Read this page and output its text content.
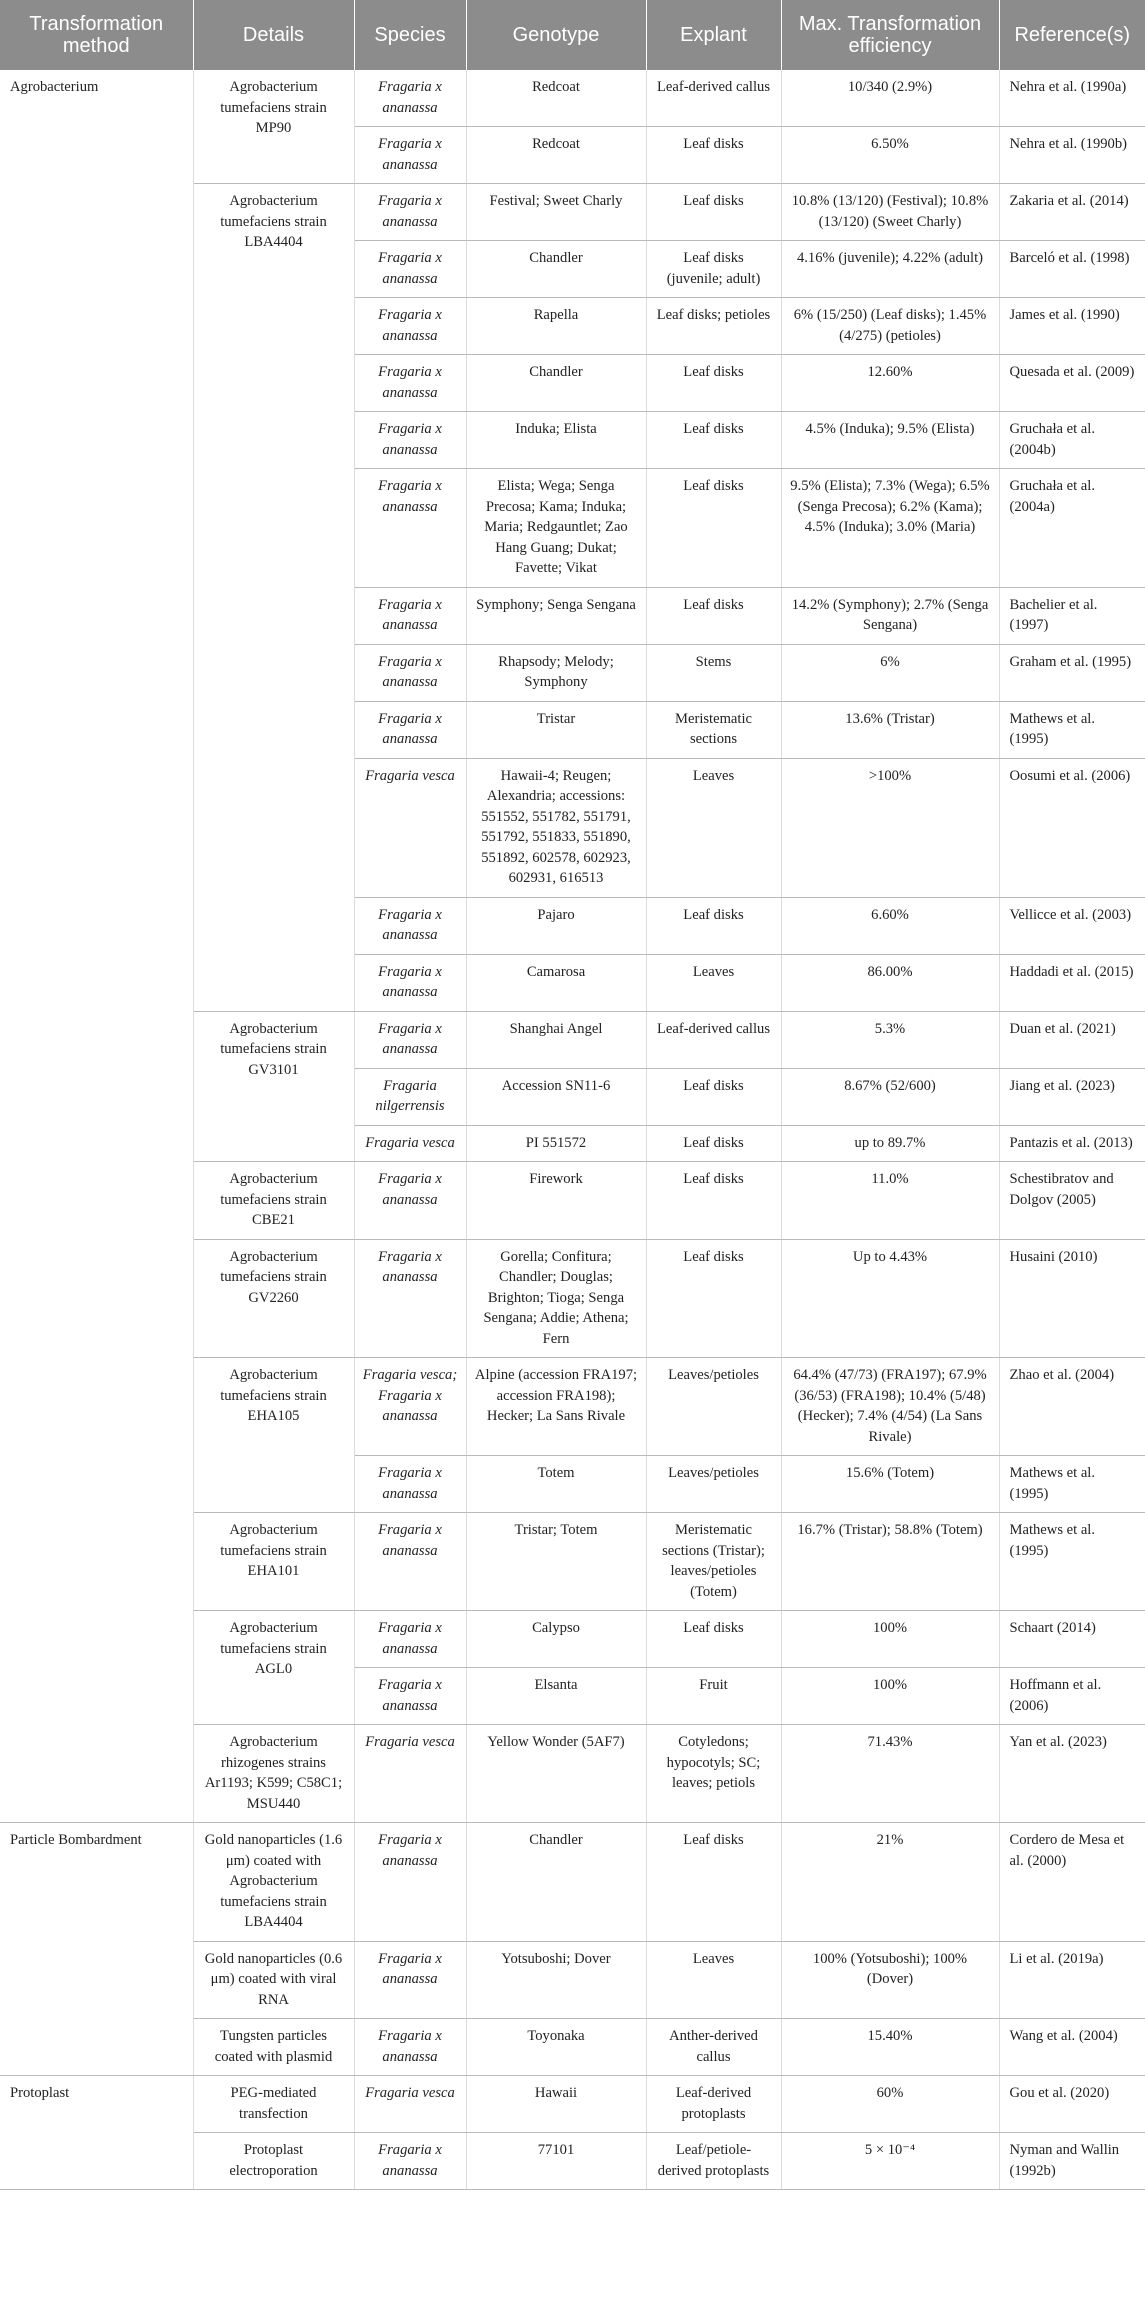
Transformation method	Details	Species	Genotype	Explant	Max. Transformation efficiency	Reference(s)
Agrobacterium	Agrobacterium tumefaciens strain MP90	Fragaria x ananassa	Redcoat	Leaf-derived callus	10/340 (2.9%)	Nehra et al. (1990a)
		Fragaria x ananassa	Redcoat	Leaf disks	6.50%	Nehra et al. (1990b)
	Agrobacterium tumefaciens strain LBA4404	Fragaria x ananassa	Festival; Sweet Charly	Leaf disks	10.8% (13/120) (Festival); 10.8% (13/120) (Sweet Charly)	Zakaria et al. (2014)
		Fragaria x ananassa	Chandler	Leaf disks (juvenile; adult)	4.16% (juvenile); 4.22% (adult)	Barceló et al. (1998)
		Fragaria x ananassa	Rapella	Leaf disks; petioles	6% (15/250) (Leaf disks); 1.45% (4/275) (petioles)	James et al. (1990)
		Fragaria x ananassa	Chandler	Leaf disks	12.60%	Quesada et al. (2009)
		Fragaria x ananassa	Induka; Elista	Leaf disks	4.5% (Induka); 9.5% (Elista)	Gruchała et al. (2004b)
		Fragaria x ananassa	Elista; Wega; Senga Precosa; Kama; Induka; Maria; Redgauntlet; Zao Hang Guang; Dukat; Favette; Vikat	Leaf disks	9.5% (Elista); 7.3% (Wega); 6.5% (Senga Precosa); 6.2% (Kama); 4.5% (Induka); 3.0% (Maria)	Gruchała et al. (2004a)
		Fragaria x ananassa	Symphony; Senga Sengana	Leaf disks	14.2% (Symphony); 2.7% (Senga Sengana)	Bachelier et al. (1997)
		Fragaria x ananassa	Rhapsody; Melody; Symphony	Stems	6%	Graham et al. (1995)
		Fragaria x ananassa	Tristar	Meristematic sections	13.6% (Tristar)	Mathews et al. (1995)
		Fragaria vesca	Hawaii-4; Reugen; Alexandria; accessions: 551552, 551782, 551791, 551792, 551833, 551890, 551892, 602578, 602923, 602931, 616513	Leaves	>100%	Oosumi et al. (2006)
		Fragaria x ananassa	Pajaro	Leaf disks	6.60%	Vellicce et al. (2003)
		Fragaria x ananassa	Camarosa	Leaves	86.00%	Haddadi et al. (2015)
	Agrobacterium tumefaciens strain GV3101	Fragaria x ananassa	Shanghai Angel	Leaf-derived callus	5.3%	Duan et al. (2021)
		Fragaria nilgerrensis	Accession SN11-6	Leaf disks	8.67% (52/600)	Jiang et al. (2023)
		Fragaria vesca	PI 551572	Leaf disks	up to 89.7%	Pantazis et al. (2013)
	Agrobacterium tumefaciens strain CBE21	Fragaria x ananassa	Firework	Leaf disks	11.0%	Schestibratov and Dolgov (2005)
	Agrobacterium tumefaciens strain GV2260	Fragaria x ananassa	Gorella; Confitura; Chandler; Douglas; Brighton; Tioga; Senga Sengana; Addie; Athena; Fern	Leaf disks	Up to 4.43%	Husaini (2010)
	Agrobacterium tumefaciens strain EHA105	Fragaria vesca; Fragaria x ananassa	Alpine (accession FRA197; accession FRA198); Hecker; La Sans Rivale	Leaves/petioles	64.4% (47/73) (FRA197); 67.9% (36/53) (FRA198); 10.4% (5/48) (Hecker); 7.4% (4/54) (La Sans Rivale)	Zhao et al. (2004)
		Fragaria x ananassa	Totem	Leaves/petioles	15.6% (Totem)	Mathews et al. (1995)
	Agrobacterium tumefaciens strain EHA101	Fragaria x ananassa	Tristar; Totem	Meristematic sections (Tristar); leaves/petioles (Totem)	16.7% (Tristar); 58.8% (Totem)	Mathews et al. (1995)
	Agrobacterium tumefaciens strain AGL0	Fragaria x ananassa	Calypso	Leaf disks	100%	Schaart (2014)
		Fragaria x ananassa	Elsanta	Fruit	100%	Hoffmann et al. (2006)
	Agrobacterium rhizogenes strains Ar1193; K599; C58C1; MSU440	Fragaria vesca	Yellow Wonder (5AF7)	Cotyledons; hypocotyls; SC; leaves; petiols	71.43%	Yan et al. (2023)
Particle Bombardment	Gold nanoparticles (1.6 μm) coated with Agrobacterium tumefaciens strain LBA4404	Fragaria x ananassa	Chandler	Leaf disks	21%	Cordero de Mesa et al. (2000)
	Gold nanoparticles (0.6 μm) coated with viral RNA	Fragaria x ananassa	Yotsuboshi; Dover	Leaves	100% (Yotsuboshi); 100% (Dover)	Li et al. (2019a)
	Tungsten particles coated with plasmid	Fragaria x ananassa	Toyonaka	Anther-derived callus	15.40%	Wang et al. (2004)
Protoplast	PEG-mediated transfection	Fragaria vesca	Hawaii	Leaf-derived protoplasts	60%	Gou et al. (2020)
	Protoplast electroporation	Fragaria x ananassa	77101	Leaf/petiole-derived protoplasts	5 × 10⁻⁴	Nyman and Wallin (1992b)
